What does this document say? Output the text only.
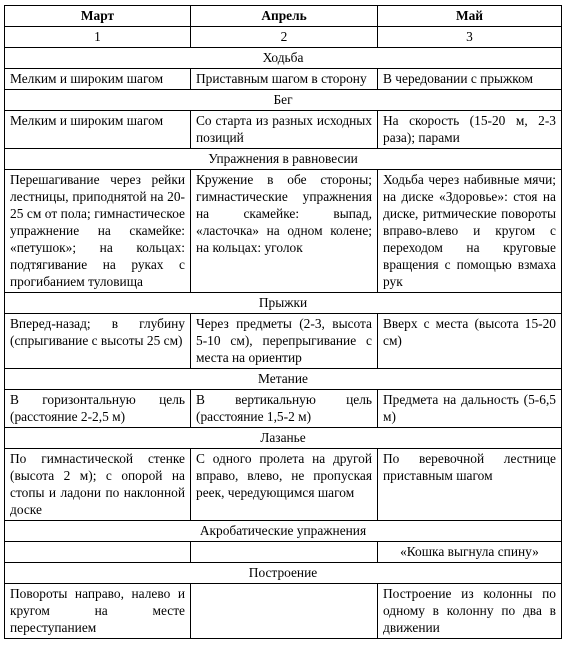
Март	Апрель	Май
1	2	3
Ходьба		
Мелким и широким шагом	Приставным шагом в сторону	В чередовании с прыжком
Бег		
Мелким и широким шагом	Со старта из разных исходных позиций	На скорость (15-20 м, 2-3 раза); парами
Упражнения в равновесии		
Перешагивание через рейки лестницы, приподнятой на 20-25 см от пола; гимнастическое упражнение на скамейке: «петушок»; на кольцах: подтягивание на руках с прогибанием туловища	Кружение в обе стороны; гимнастические упражнения на скамейке: выпад, «ласточка» на одном колене; на кольцах: уголок	Ходьба через набивные мячи; на диске «Здоровье»: стоя на диске, ритмические повороты вправо-влево и кругом с переходом на круговые вращения с помощью взмаха рук
Прыжки		
Вперед-назад; в глубину (спрыгивание с высоты 25 см)	Через предметы (2-3, высота 5-10 см), перепрыгивание с места на ориентир	Вверх с места (высота 15-20 см)
Метание		
В горизонтальную цель (расстояние 2-2,5 м)	В вертикальную цель (расстояние 1,5-2 м)	Предмета на дальность (5-6,5 м)
Лазанье		
По гимнастической стенке (высота 2 м); с опорой на стопы и ладони по наклонной доске	С одного пролета на другой вправо, влево, не пропуская реек, чередующимся шагом	По веревочной лестнице приставным шагом
Акробатические упражнения		
		«Кошка выгнула спину»
Построение		
Повороты направо, налево и кругом на месте переступанием		Построение из колонны по одному в колонну по два в движении
